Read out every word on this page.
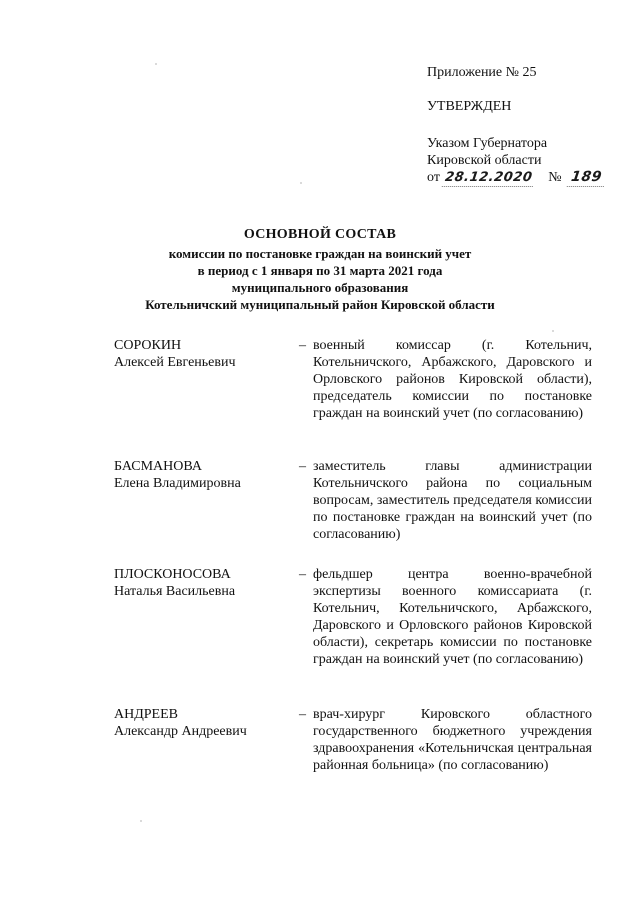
Приложение № 25
УТВЕРЖДЕН
Указом Губернатора
Кировской области
от 28.12.2020 № 189
ОСНОВНОЙ СОСТАВ
комиссии по постановке граждан на воинский учет
в период с 1 января по 31 марта 2021 года
муниципального образования
Котельничский муниципальный район Кировской области
СОРОКИН
Алексей Евгеньевич
– военный комиссар (г. Котельнич, Котельничского, Арбажского, Даровского и Орловского районов Кировской области), председатель комиссии по постановке граждан на воинский учет (по согласованию)
БАСМАНОВА
Елена Владимировна
– заместитель главы администрации Котельничского района по социальным вопросам, заместитель председателя комиссии по постановке граждан на воинский учет (по согласованию)
ПЛОСКОНОСОВА
Наталья Васильевна
– фельдшер центра военно-врачебной экспертизы военного комиссариата (г. Котельнич, Котельничского, Арбажского, Даровского и Орловского районов Кировской области), секретарь комиссии по постановке граждан на воинский учет (по согласованию)
АНДРЕЕВ
Александр Андреевич
– врач-хирург Кировского областного государственного бюджетного учреждения здравоохранения «Котельничская центральная районная больница» (по согласованию)
